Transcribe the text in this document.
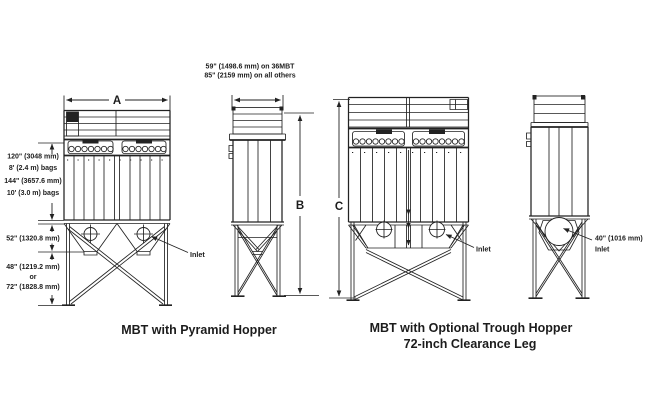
A
Inlet
120" (3048 mm)
8' (2.4 m) bags
144" (3657.6 mm)
10' (3.0 m) bags
52" (1320.8 mm)
48" (1219.2 mm)
or
72" (1828.8 mm)
59" (1498.6 mm) on 36MBT
85" (2159 mm) on all others
B	C
Inlet
40" (1016 mm)
Inlet
MBT with Pyramid Hopper	MBT with Optional Trough Hopper
72-inch Clearance Leg
